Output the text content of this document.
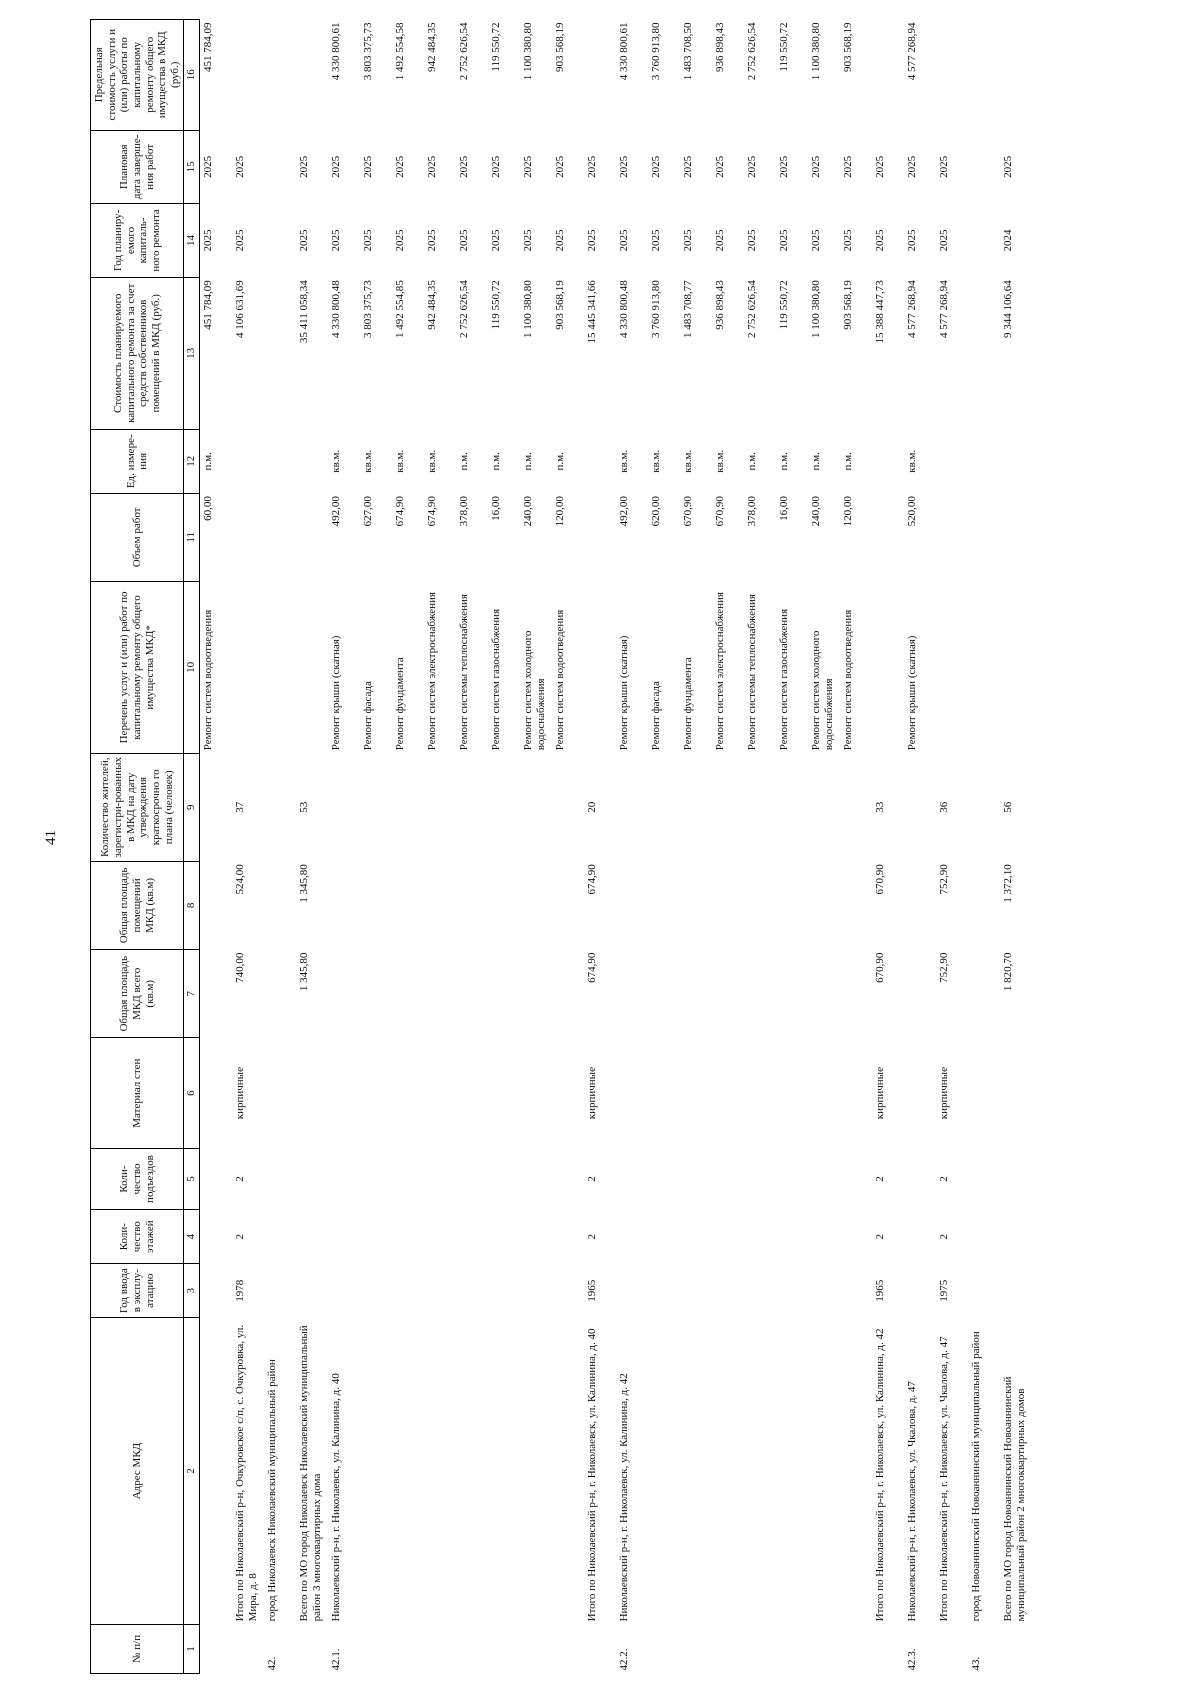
№ п/п	Адрес МКД	Год ввода в эксплу-атацию	Коли-чество этажей	Коли-чество подъездов	Материал стен	Общая площадь МКД всего (кв.м)	Общая площадь помещений МКД (кв.м)	Количество жителей, зарегистри-рованных в МКД на дату утверждения краткосрочно го плана (человек)	Перечень услуг и (или) работ по капитальному ремонту общего имущества МКД*	Объем работ	Ед. измере-ния	Стоимость планируемого капитального ремонта за счет средств собственников помещений в МКД (руб.)	Год планиру-емого капиталь-ного ремонта	Плановая дата заверше-ния работ	Предельная стоимость услуги и (или) работы по капитальному ремонту общего имущества в МКД (руб.)
1	2	3	4	5	6	7	8	9	10	11	12	13	14	15	16
									Ремонт систем водоотведения	60,00	п.м.	451 784,09	2025	2025	451 784,09
	Итого по Николаевский р-н, Очкуровское с/п, с. Очкуровка, ул. Мира, д. 8	1978	2	2	кирпичные	740,00	524,00	37				4 106 631,69	2025	2025	
42.	город Николаевск Николаевский муниципальный район														
	Всего по МО город Николаевск Николаевский муниципальный район 3 многоквартирных дома					1 345,80	1 345,80	53				35 411 058,34	2025	2025	
42.1.	Николаевский р-н, г. Николаевск, ул. Калинина, д. 40								Ремонт крыши (скатная)	492,00	кв.м.	4 330 800,48	2025	2025	4 330 800,61
									Ремонт фасада	627,00	кв.м.	3 803 375,73	2025	2025	3 803 375,73
									Ремонт фундамента	674,90	кв.м.	1 492 554,85	2025	2025	1 492 554,58
									Ремонт систем электроснабжения	674,90	кв.м.	942 484,35	2025	2025	942 484,35
									Ремонт системы теплоснабжения	378,00	п.м.	2 752 626,54	2025	2025	2 752 626,54
									Ремонт систем газоснабжения	16,00	п.м.	119 550,72	2025	2025	119 550,72
									Ремонт систем холодного водоснабжения	240,00	п.м.	1 100 380,80	2025	2025	1 100 380,80
									Ремонт систем водоотведения	120,00	п.м.	903 568,19	2025	2025	903 568,19
	Итого по Николаевский р-н, г. Николаевск, ул. Калинина, д. 40	1965	2	2	кирпичные	674,90	674,90	20				15 445 341,66	2025	2025	
42.2.	Николаевский р-н, г. Николаевск, ул. Калинина, д. 42								Ремонт крыши (скатная)	492,00	кв.м.	4 330 800,48	2025	2025	4 330 800,61
									Ремонт фасада	620,00	кв.м.	3 760 913,80	2025	2025	3 760 913,80
									Ремонт фундамента	670,90	кв.м.	1 483 708,77	2025	2025	1 483 708,50
									Ремонт систем электроснабжения	670,90	кв.м.	936 898,43	2025	2025	936 898,43
									Ремонт системы теплоснабжения	378,00	п.м.	2 752 626,54	2025	2025	2 752 626,54
									Ремонт систем газоснабжения	16,00	п.м.	119 550,72	2025	2025	119 550,72
									Ремонт систем холодного водоснабжения	240,00	п.м.	1 100 380,80	2025	2025	1 100 380,80
									Ремонт систем водоотведения	120,00	п.м.	903 568,19	2025	2025	903 568,19
	Итого по Николаевский р-н, г. Николаевск, ул. Калинина, д. 42	1965	2	2	кирпичные	670,90	670,90	33				15 388 447,73	2025	2025	
42.3.	Николаевский р-н, г. Николаевск, ул. Чкалова, д. 47								Ремонт крыши (скатная)	520,00	кв.м.	4 577 268,94	2025	2025	4 577 268,94
	Итого по Николаевский р-н, г. Николаевск, ул. Чкалова, д. 47	1975	2	2	кирпичные	752,90	752,90	36				4 577 268,94	2025	2025	
43.	город Новоаннинский Новоаннинский муниципальный район														
	Всего по МО город Новоаннинский Новоаннинский муниципальный район 2 многоквартирных домов					1 820,70	1 372,10	56				9 344 106,64	2024	2025	
41
